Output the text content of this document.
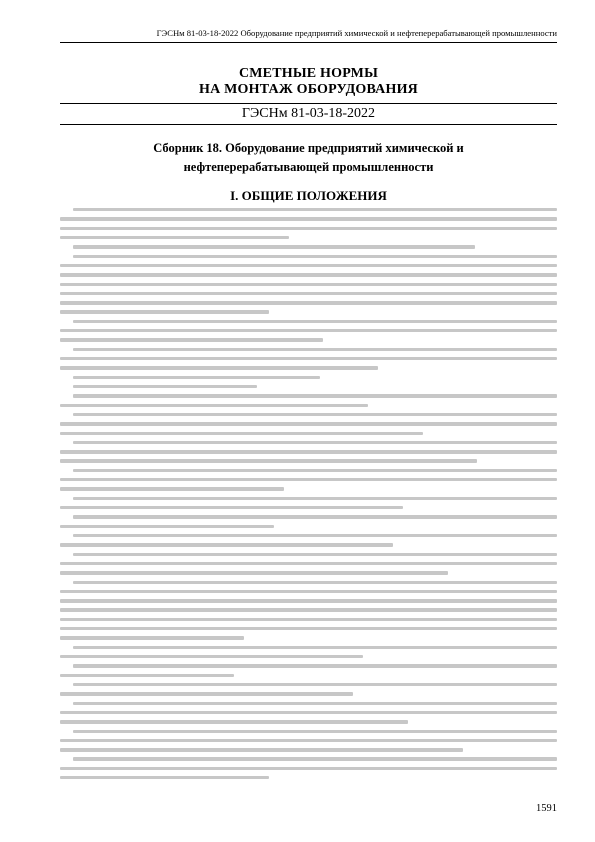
ГЭСНм 81-03-18-2022 Оборудование предприятий химической и нефтеперерабатывающей промышленности
СМЕТНЫЕ НОРМЫ
НА МОНТАЖ ОБОРУДОВАНИЯ
ГЭСНм 81-03-18-2022
Сборник 18. Оборудование предприятий химической и
нефтеперерабатывающей промышленности
I. ОБЩИЕ ПОЛОЖЕНИЯ
1591
